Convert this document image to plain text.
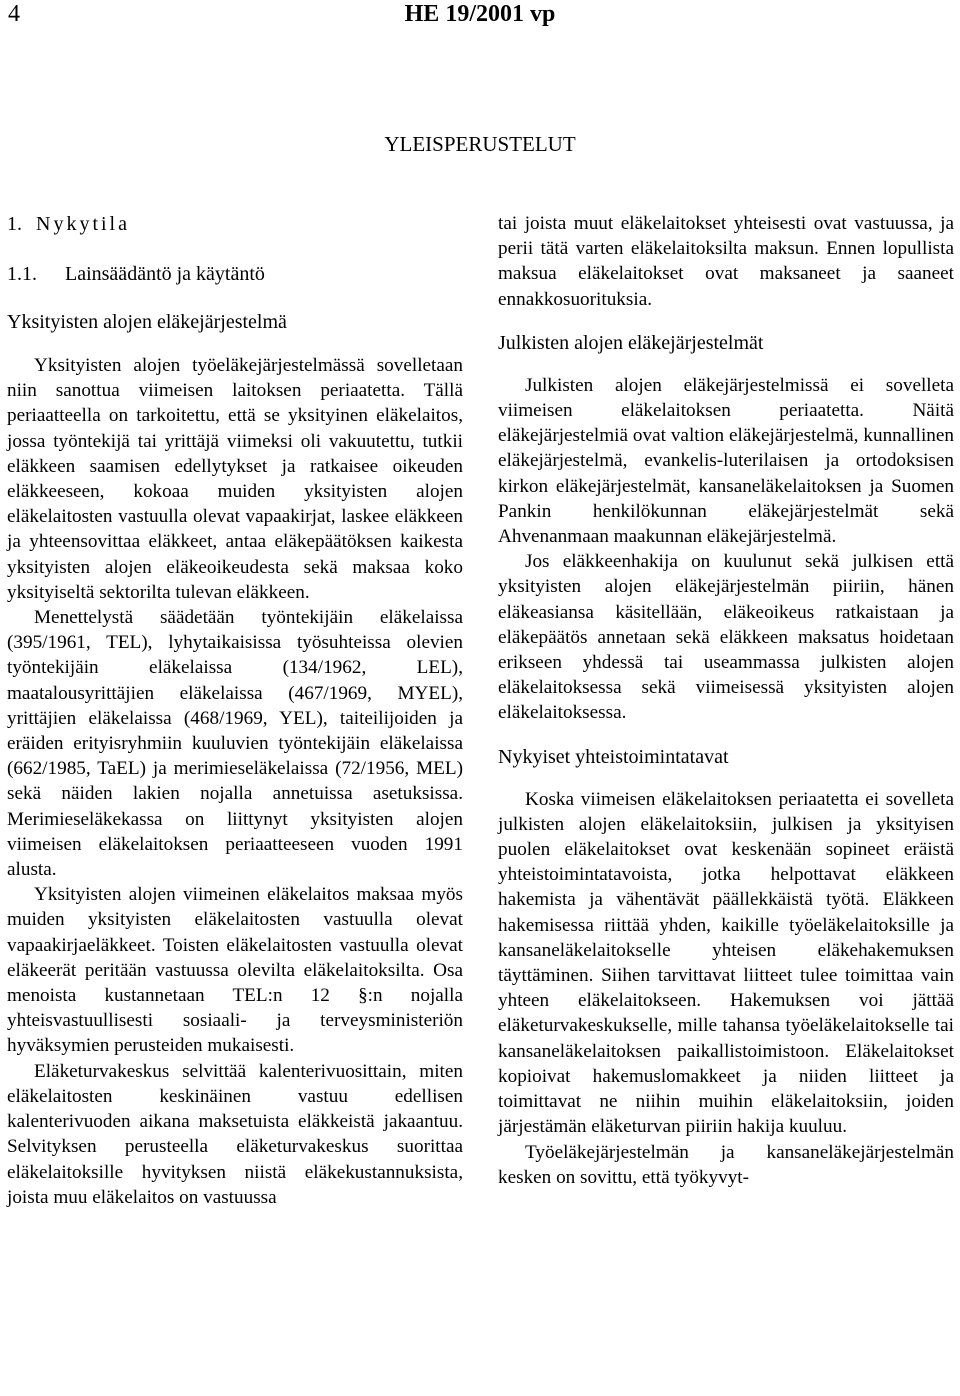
4	HE 19/2001 vp
YLEISPERUSTELUT
1. Nykytila
1.1. Lainsäädäntö ja käytäntö
Yksityisten alojen eläkejärjestelmä

Yksityisten alojen työeläkejärjestelmässä sovelletaan niin sanottua viimeisen laitoksen periaatetta. Tällä periaatteella on tarkoitettu, että se yksityinen eläkelaitos, jossa työntekijä tai yrittäjä viimeksi oli vakuutettu, tutkii eläkkeen saamisen edellytykset ja ratkaisee oikeuden eläkkeeseen, kokoaa muiden yksityisten alojen eläkelaitosten vastuulla olevat vapaakirjat, laskee eläkkeen ja yhteensovittaa eläkkeet, antaa eläkepäätöksen kaikesta yksityisten alojen eläkeoikeudesta sekä maksaa koko yksityiseltä sektorilta tulevan eläkkeen.

Menettelystä säädetään työntekijäin eläkelaissa (395/1961, TEL), lyhytaikaisissa työsuhteissa olevien työntekijäin eläkelaissa (134/1962, LEL), maatalousyrittäjien eläkelaissa (467/1969, MYEL), yrittäjien eläkelaissa (468/1969, YEL), taiteilijoiden ja eräiden erityisryhmiin kuuluvien työntekijäin eläkelaissa (662/1985, TaEL) ja merimieseläkelaissa (72/1956, MEL) sekä näiden lakien nojalla annetuissa asetuksissa. Merimieseläkekassa on liittynyt yksityisten alojen viimeisen eläkelaitoksen periaatteeseen vuoden 1991 alusta.

Yksityisten alojen viimeinen eläkelaitos maksaa myös muiden yksityisten eläkelaitosten vastuulla olevat vapaakirjaeläkkeet. Toisten eläkelaitosten vastuulla olevat eläkeerät peritään vastuussa olevilta eläkelaitoksilta. Osa menoista kustannetaan TEL:n 12 §:n nojalla yhteisvastuullisesti sosiaali- ja terveysministeriön hyväksymien perusteiden mukaisesti.

Eläketurvakeskus selvittää kalenterivuosittain, miten eläkelaitosten keskinäinen vastuu edellisen kalenterivuoden aikana maksetuista eläkkeistä jakaantuu. Selvityksen perusteella eläketurvakeskus suorittaa eläkelaitoksille hyvityksen niistä eläkekustannuksista, joista muu eläkelaitos on vastuussa

tai joista muut eläkelaitokset yhteisesti ovat vastuussa, ja perii tätä varten eläkelaitoksilta maksun. Ennen lopullista maksua eläkelaitokset ovat maksaneet ja saaneet ennakkosuorituksia.

Julkisten alojen eläkejärjestelmät

Julkisten alojen eläkejärjestelmissä ei sovelleta viimeisen eläkelaitoksen periaatetta. Näitä eläkejärjestelmiä ovat valtion eläkejärjestelmä, kunnallinen eläkejärjestelmä, evankelis-luterilaisen ja ortodoksisen kirkon eläkejärjestelmät, kansaneläkelaitoksen ja Suomen Pankin henkilökunnan eläkejärjestelmät sekä Ahvenanmaan maakunnan eläkejärjestelmä.

Jos eläkkeenhakija on kuulunut sekä julkisen että yksityisten alojen eläkejärjestelmän piiriin, hänen eläkeasiansa käsitellään, eläkeoikeus ratkaistaan ja eläkepäätös annetaan sekä eläkkeen maksatus hoidetaan erikseen yhdessä tai useammassa julkisten alojen eläkelaitoksessa sekä viimeisessä yksityisten alojen eläkelaitoksessa.

Nykyiset yhteistoimintatavat

Koska viimeisen eläkelaitoksen periaatetta ei sovelleta julkisten alojen eläkelaitoksiin, julkisen ja yksityisen puolen eläkelaitokset ovat keskenään sopineet eräistä yhteistoimintatavoista, jotka helpottavat eläkkeen hakemista ja vähentävät päällekkäistä työtä. Eläkkeen hakemisessa riittää yhden, kaikille työeläkelaitoksille ja kansaneläkelaitokselle yhteisen eläkehakemuksen täyttäminen. Siihen tarvittavat liitteet tulee toimittaa vain yhteen eläkelaitokseen. Hakemuksen voi jättää eläketurvakeskukselle, mille tahansa työeläkelaitokselle tai kansaneläkelaitoksen paikallistoimistoon. Eläkelaitokset kopioivat hakemuslomakkeet ja niiden liitteet ja toimittavat ne niihin muihin eläkelaitoksiin, joiden järjestämän eläketurvan piiriin hakija kuuluu.

Työeläkejärjestelmän ja kansaneläkejärjestelmän kesken on sovittu, että työkyvyt-
